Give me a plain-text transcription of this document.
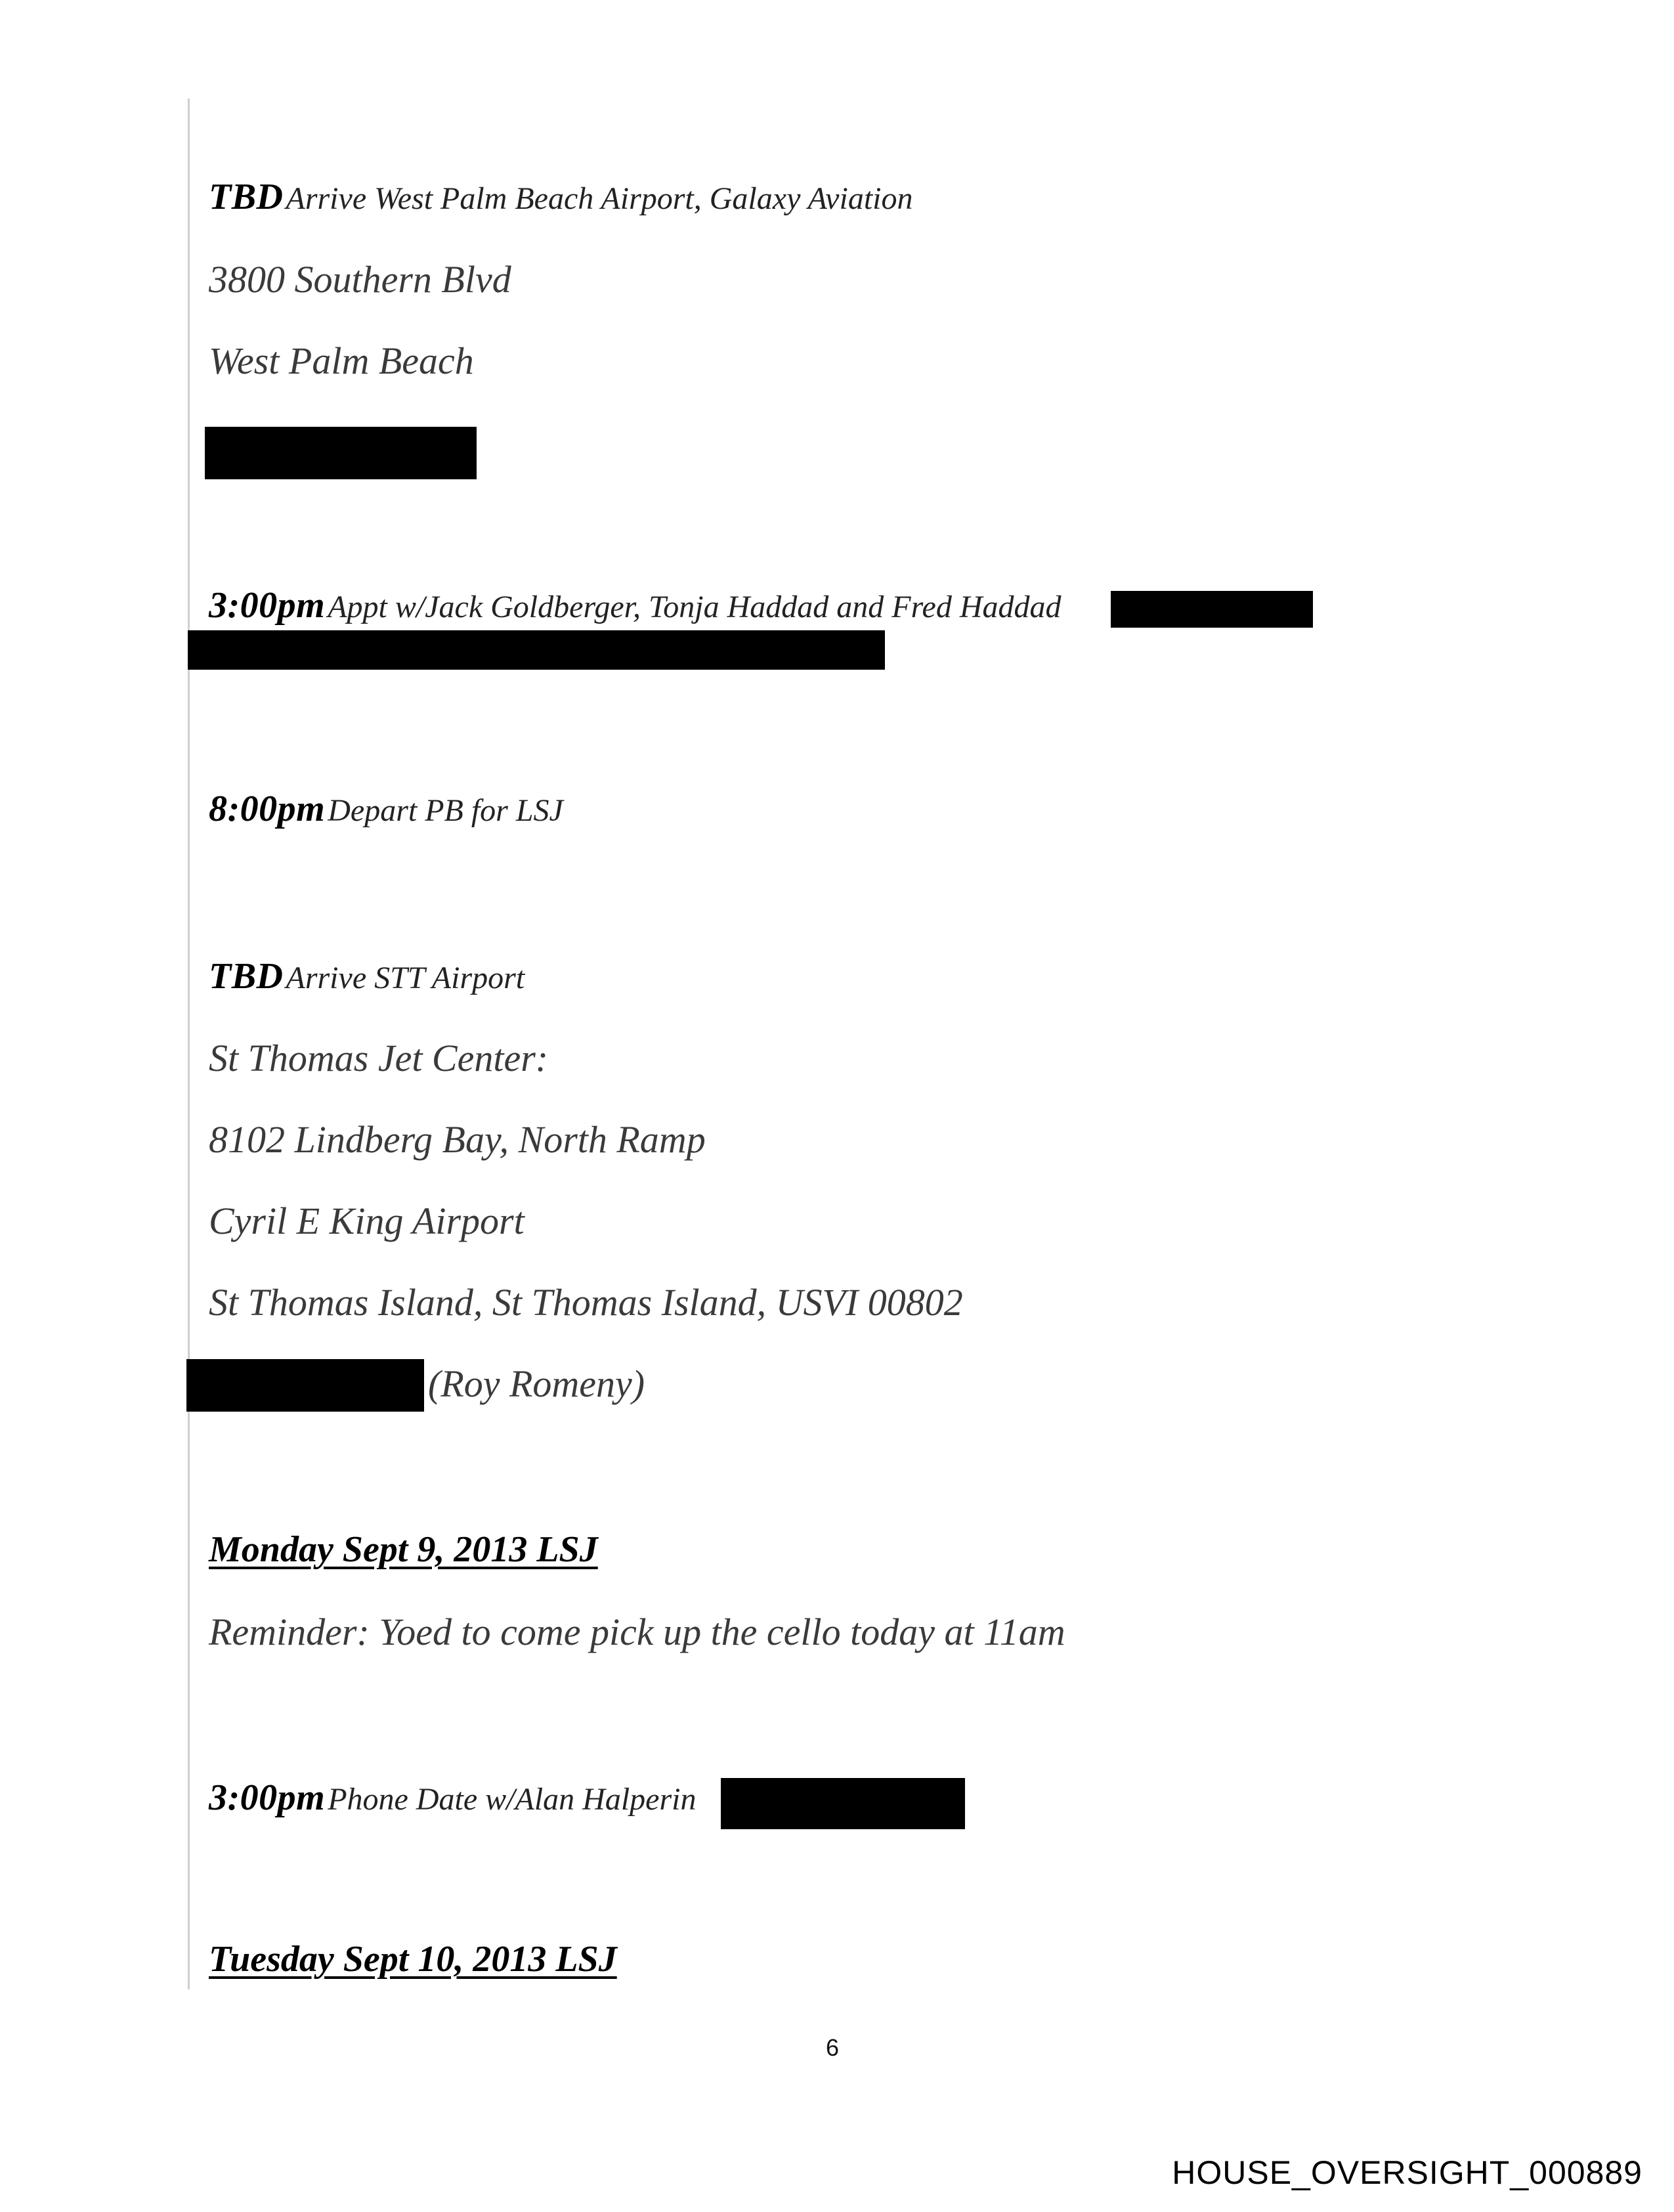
TBD Arrive West Palm Beach Airport, Galaxy Aviation
3800 Southern Blvd
West Palm Beach
3:00pm Appt w/Jack Goldberger, Tonja Haddad and Fred Haddad
8:00pm Depart PB for LSJ
TBD Arrive STT Airport
St Thomas Jet Center:
8102 Lindberg Bay, North Ramp
Cyril E King Airport
St Thomas Island, St Thomas Island, USVI 00802
(Roy Romeny)
Monday Sept 9, 2013 LSJ
Reminder: Yoed to come pick up the cello today at 11am
3:00pm Phone Date w/Alan Halperin
Tuesday Sept 10, 2013 LSJ
6
HOUSE_OVERSIGHT_000889
